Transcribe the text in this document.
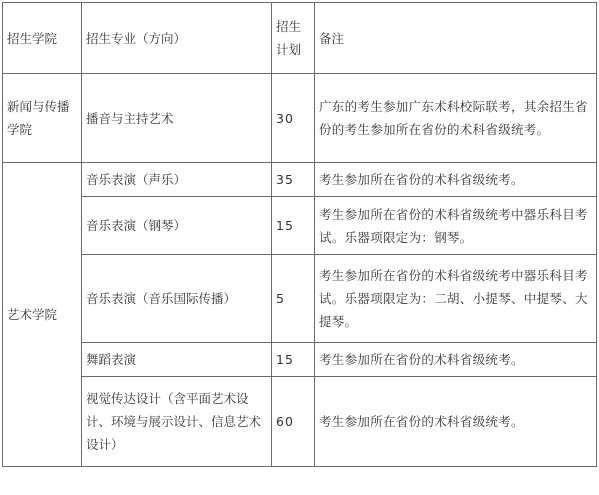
招生学院	招生专业（方向）	招生计划	备注
新闻与传播学院	播音与主持艺术	30	广东的考生参加广东术科校际联考，其余招生省份的考生参加所在省份的术科省级统考。
艺术学院	音乐表演（声乐）	35	考生参加所在省份的术科省级统考。
	音乐表演（钢琴）	15	考生参加所在省份的术科省级统考中器乐科目考试。乐器项限定为：钢琴。
	音乐表演（音乐国际传播）	5	考生参加所在省份的术科省级统考中器乐科目考试。乐器项限定为：二胡、小提琴、中提琴、大提琴。
	舞蹈表演	15	考生参加所在省份的术科省级统考。
	视觉传达设计（含平面艺术设计、环境与展示设计、信息艺术设计）	60	考生参加所在省份的术科省级统考。
